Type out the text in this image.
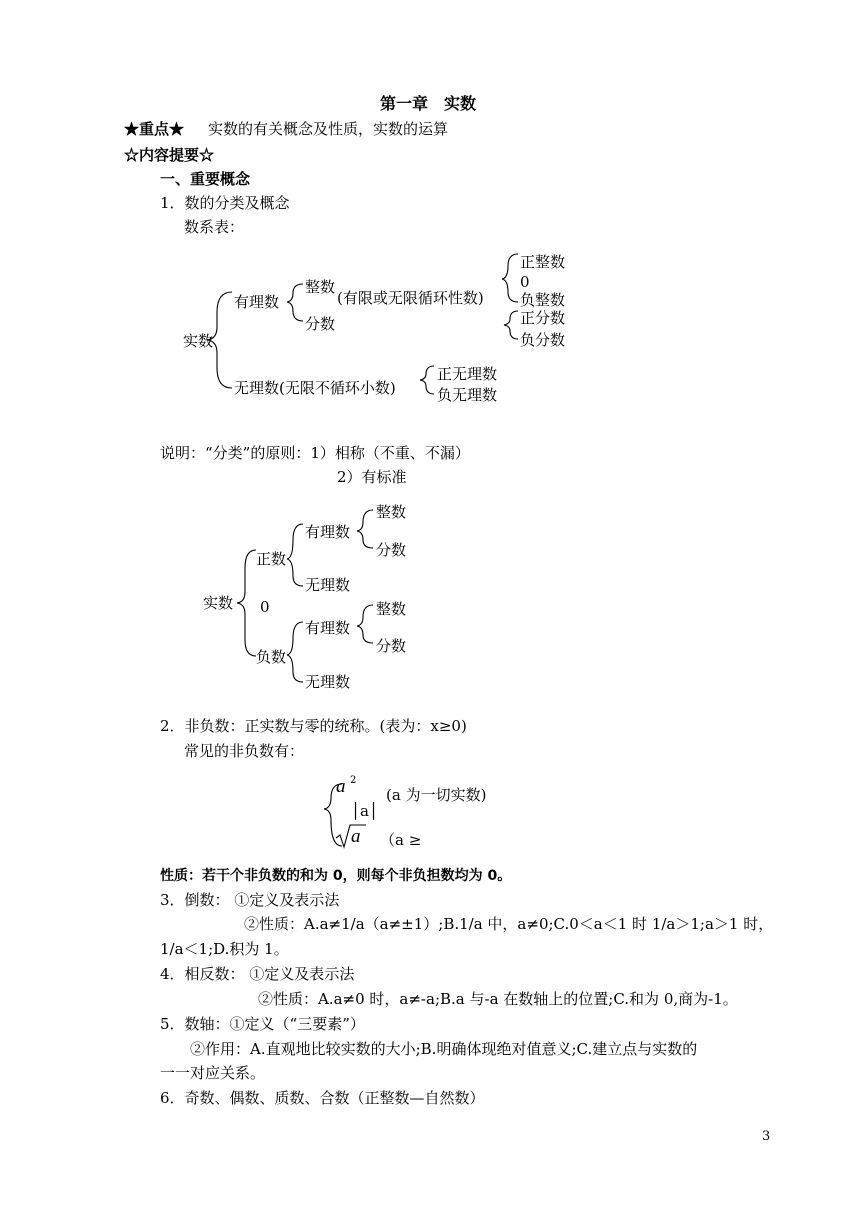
第一章　实数
★重点★ 实数的有关概念及性质，实数的运算
☆内容提要☆
一、重要概念
1．数的分类及概念
数系表：
实数
有理数
整数
分数
(有限或无限循环性数)
正整数
0
负整数
正分数
负分数
无理数(无限不循环小数)
正无理数
负无理数
说明：“分类”的原则：1）相称（不重、不漏）
2）有标准
实数
正数
0
负数
有理数
整数
分数
无理数
有理数
整数
分数
无理数
2．非负数：正实数与零的统称。(表为：x≥0)
常见的非负数有：
a 2
│a│
(a 为一切实数)
a （a ≥
性质：若干个非负数的和为 0，则每个非负担数均为 0。
3．倒数： ①定义及表示法
②性质：A.a≠1/a（a≠±1）;B.1/a 中，a≠0;C.0＜a＜1 时 1/a＞1;a＞1 时，
1/a＜1;D.积为 1。
4．相反数： ①定义及表示法
②性质：A.a≠0 时，a≠-a;B.a 与-a 在数轴上的位置;C.和为 0,商为-1。
5．数轴：①定义（“三要素”）
②作用：A.直观地比较实数的大小;B.明确体现绝对值意义;C.建立点与实数的
一一对应关系。
6．奇数、偶数、质数、合数（正整数—自然数）
3
